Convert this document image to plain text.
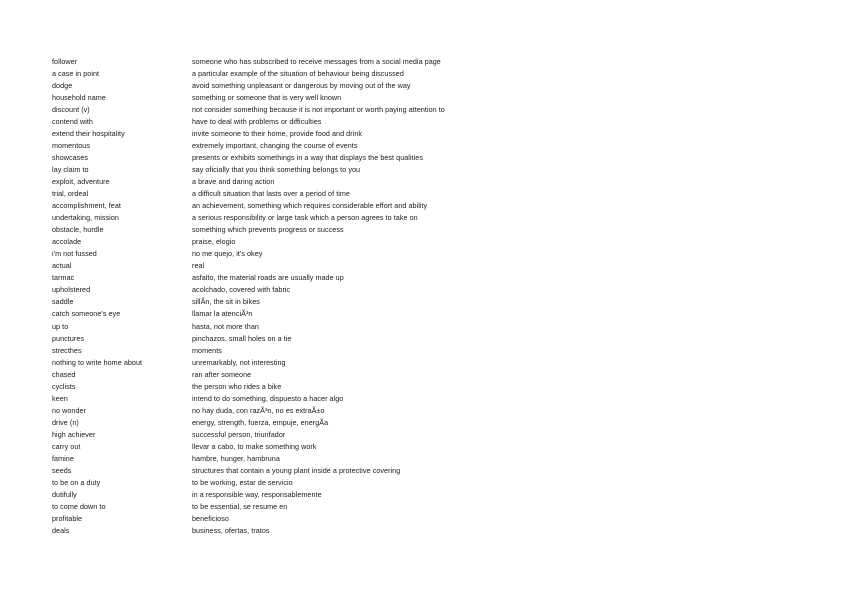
follower	someone who has subscribed to receive messages from a social media page
a case in point	a particular example of the situation of behaviour being discussed
dodge	avoid something unpleasant or dangerous by moving out of the way
household name	something or someone that is very well known
discount (v)	not consider something because it is not important or worth paying attention to
contend with	have to deal with problems or difficulties
extend their hospitality	invite someone to their home, provide food and drink
momentous	extremely important, changing the course of events
showcases	presents or exhibits somethings in a way that displays the best qualities
lay claim to	say oficially that you think something belongs to you
exploit, adventure	a brave and daring action
trial, ordeal	a difficult situation that lasts over a period of time
accomplishment, feat	an achievement, something which requires considerable effort and ability
undertaking, mission	a serious responsibility or large task which a person agrees to take on
obstacle, hurdle	something which prevents progress or success
accolade	praise, elogio
i'm not fussed	no me quejo, it's okey
actual	real
tarmac	asfalto, the material roads are usually made up
upholstered	acolchado, covered with fabric
saddle	sillÃn, the sit in bikes
catch someone's eye	llamar la atenciÃ³n
up to	hasta, not more than
punctures	pinchazos, small holes on a tie
strecthes	moments
nothing to write home about	unremarkably, not interesting
chased	ran after someone
cyclists	the person who rides a bike
keen	intend to do something, dispuesto a hacer algo
no wonder	no hay duda, con razÃ³n, no es extraÃ±o
drive (n)	energy, strength, fuerza, empuje, energÃa
high achiever	successful person, triunfador
carry out	llevar a cabo, to make something work
famine	hambre, hunger, hambruna
seeds	structures that contain a young plant inside a protective covering
to be on a duty	to be working, estar de servicio
dutifully	in a responsible way, responsablemente
to come down to	to be essential, se resume en
profitable	beneficioso
deals	business, ofertas, tratos
